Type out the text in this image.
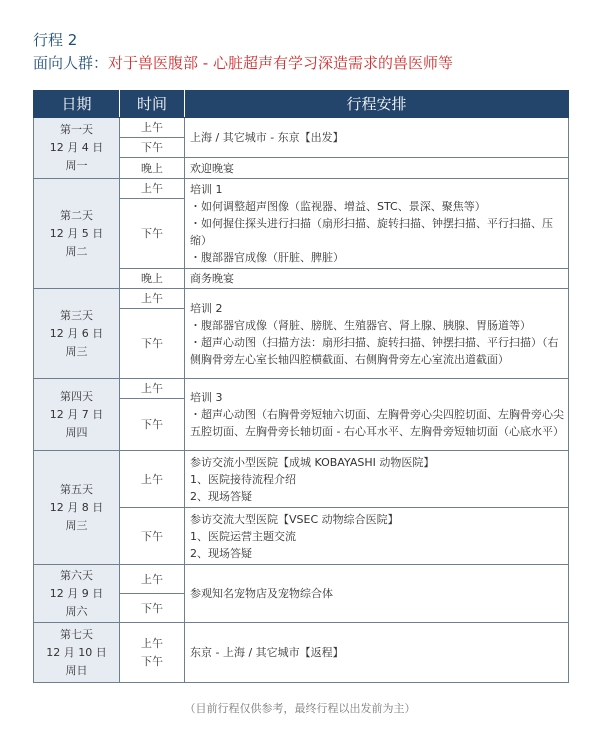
行程 2
面向人群：对于兽医腹部 - 心脏超声有学习深造需求的兽医师等
日期	时间	行程安排

第一天
12 月 4 日
周一	上午	上海 / 其它城市 - 东京【出发】

	下午	
	晚上	欢迎晚宴

第二天
12 月 5 日
周二	上午	培训 1
・如何调整超声图像（监视器、增益、STC、景深、聚焦等）
・如何握住探头进行扫描（扇形扫描、旋转扫描、钟摆扫描、平行扫描、压缩）
・腹部器官成像（肝脏、脾脏）

	下午	
	晚上	商务晚宴

第三天
12 月 6 日
周三	上午	培训 2
・腹部器官成像（肾脏、膀胱、生殖器官、肾上腺、胰腺、胃肠道等）
・超声心动图（扫描方法：扇形扫描、旋转扫描、钟摆扫描、平行扫描）（右侧胸骨旁左心室长轴四腔横截面、右侧胸骨旁左心室流出道截面）

	下午	

第四天
12 月 7 日
周四	上午	培训 3
・超声心动图（右胸骨旁短轴六切面、左胸骨旁心尖四腔切面、左胸骨旁心尖五腔切面、左胸骨旁长轴切面 - 右心耳水平、左胸骨旁短轴切面（心底水平）

	下午	

第五天
12 月 8 日
周三	上午	参访交流小型医院【成城 KOBAYASHI 动物医院】
1、医院接待流程介绍
2、现场答疑

	下午	参访交流大型医院【VSEC 动物综合医院】
1、医院运营主题交流
2、现场答疑

第六天
12 月 9 日
周六	上午	参观知名宠物店及宠物综合体

	下午	

第七天
12 月 10 日
周日	上午 下午	东京 - 上海 / 其它城市【返程】
（目前行程仅供参考，最终行程以出发前为主）
